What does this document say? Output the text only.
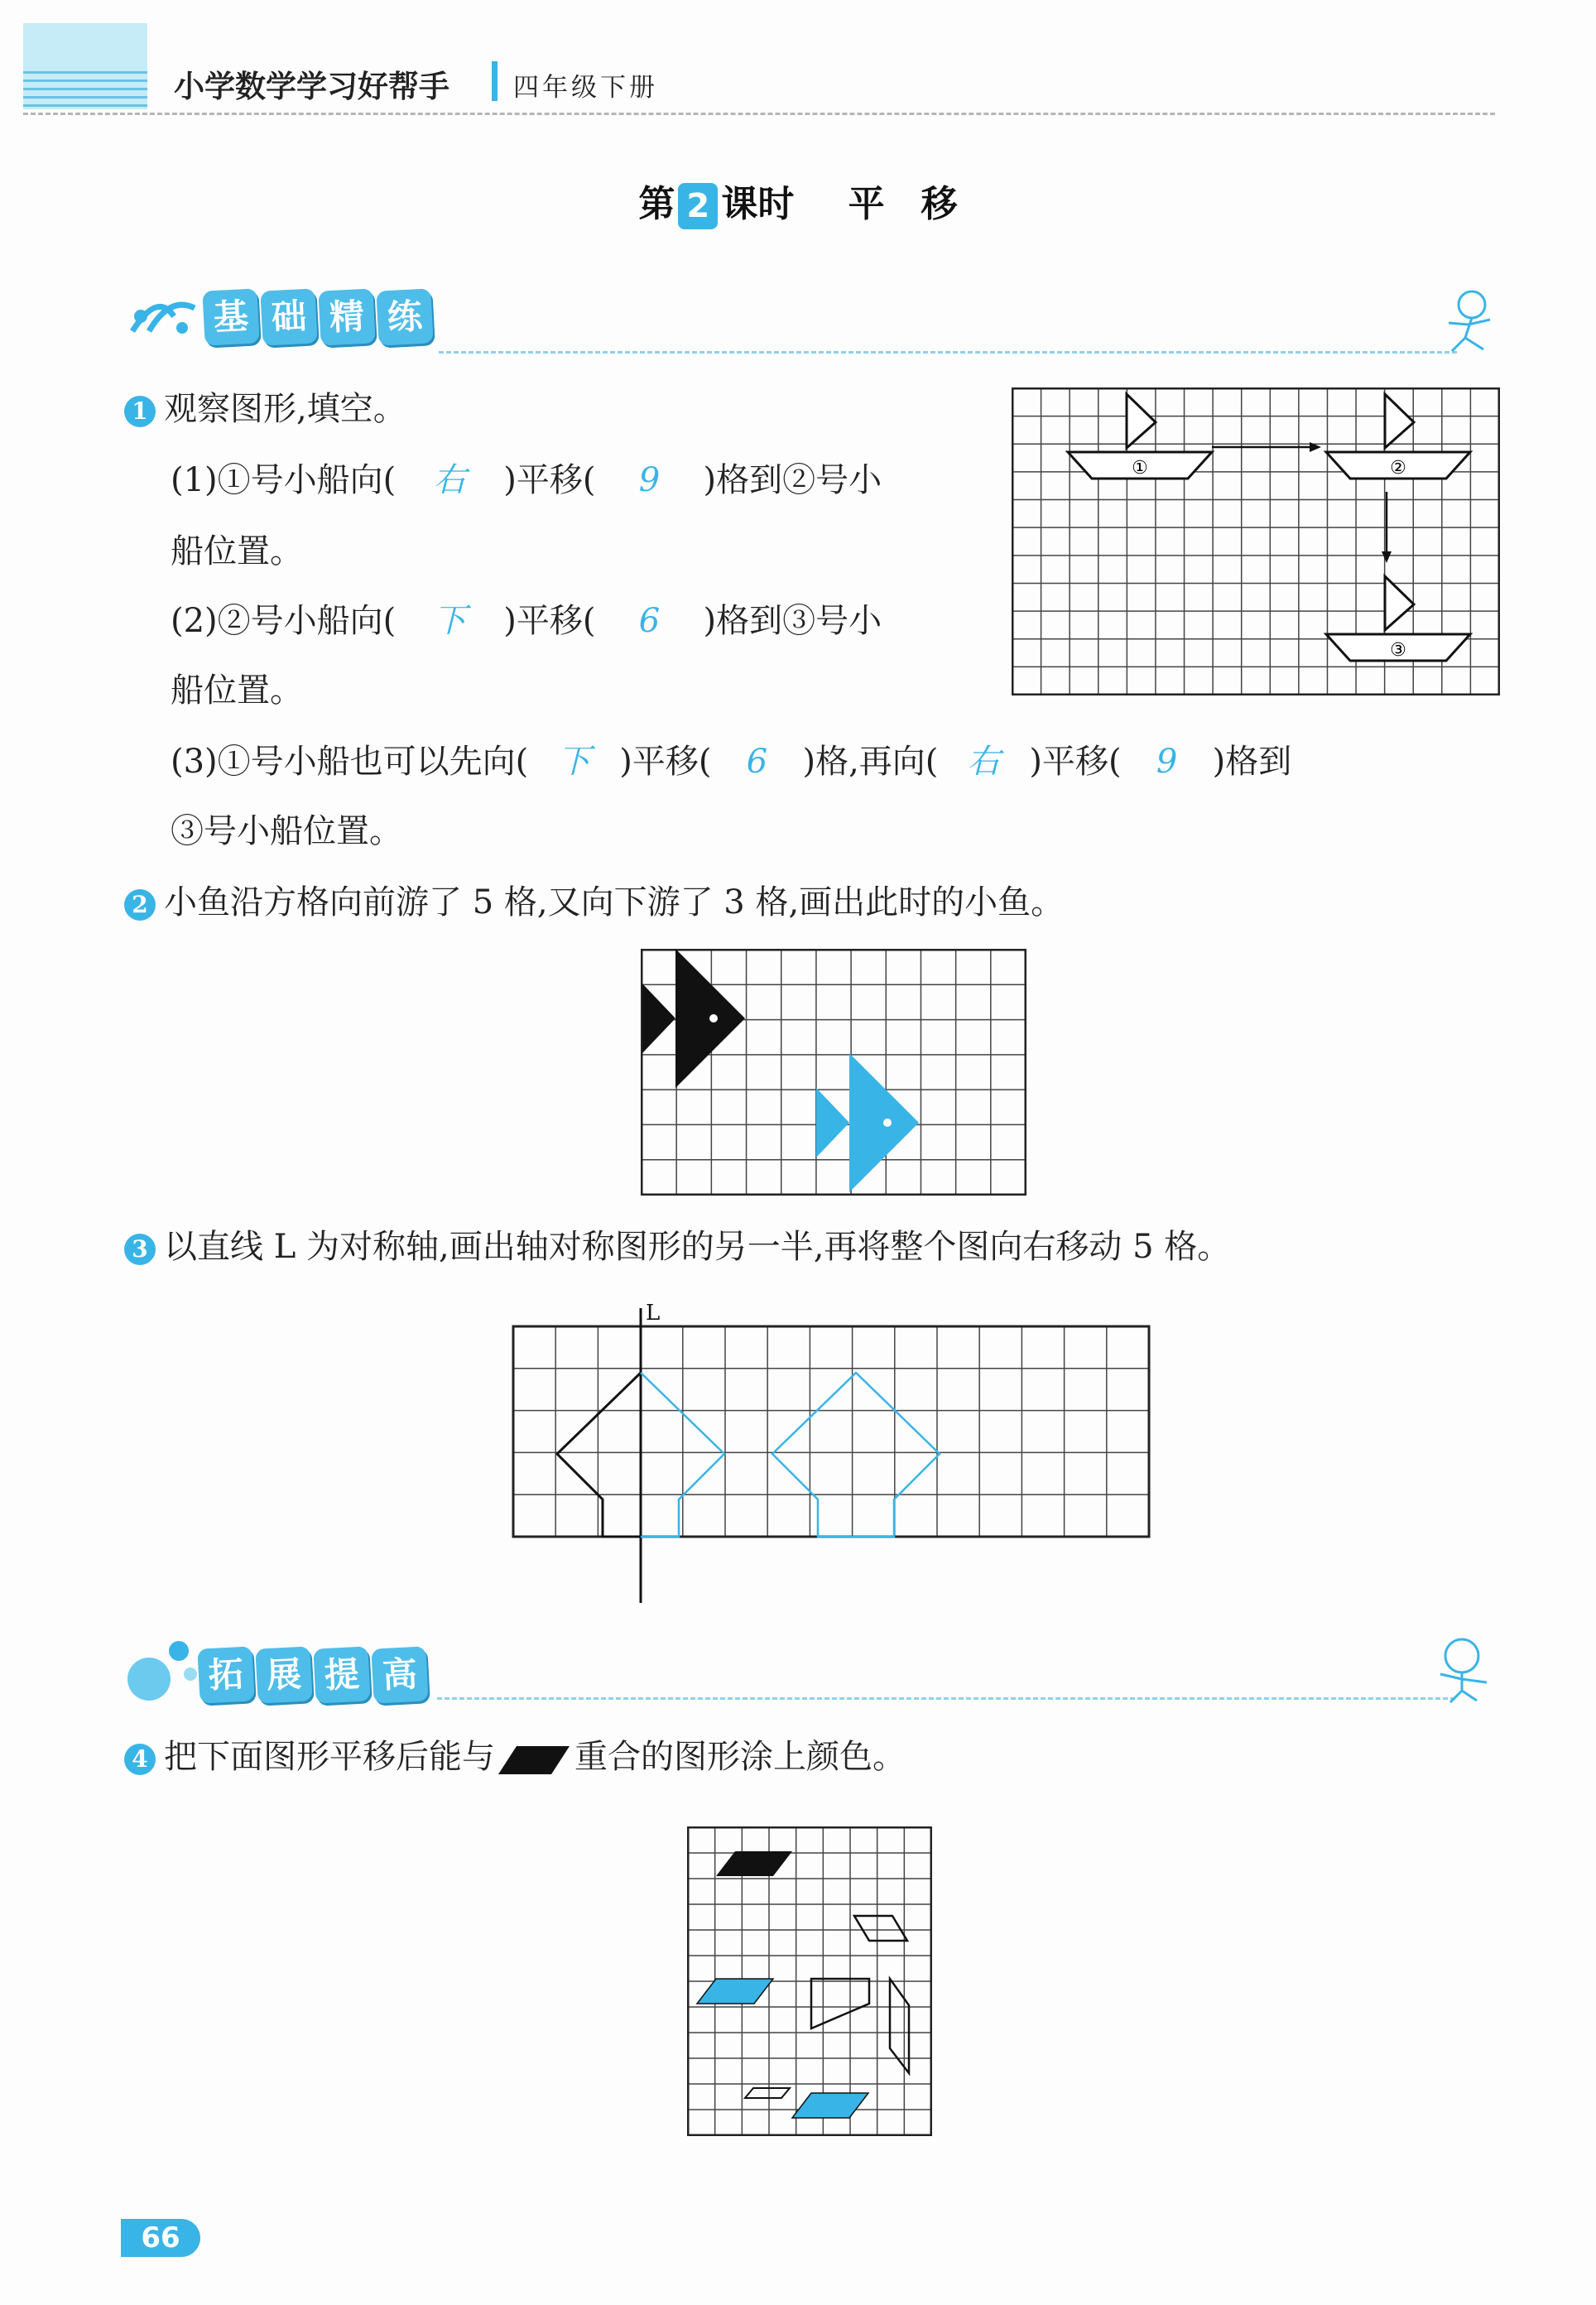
小学数学学习好帮手 四年级下册
第 2 课时 平　移
基 础 精 练
1 观察图形,填空。
(1)①号小船向( 右 )平移( 9 )格到②号小
船位置。
(2)②号小船向( 下 )平移( 6 )格到③号小
船位置。
(3)①号小船也可以先向( 下 )平移( 6 )格,再向( 右 )平移( 9 )格到
③号小船位置。
①	②
③
2 小鱼沿方格向前游了 5 格,又向下游了 3 格,画出此时的小鱼。
3 以直线 L 为对称轴,画出轴对称图形的另一半,再将整个图向右移动 5 格。
L
拓 展 提 高
4 把下面图形平移后能与 重合的图形涂上颜色。
66
